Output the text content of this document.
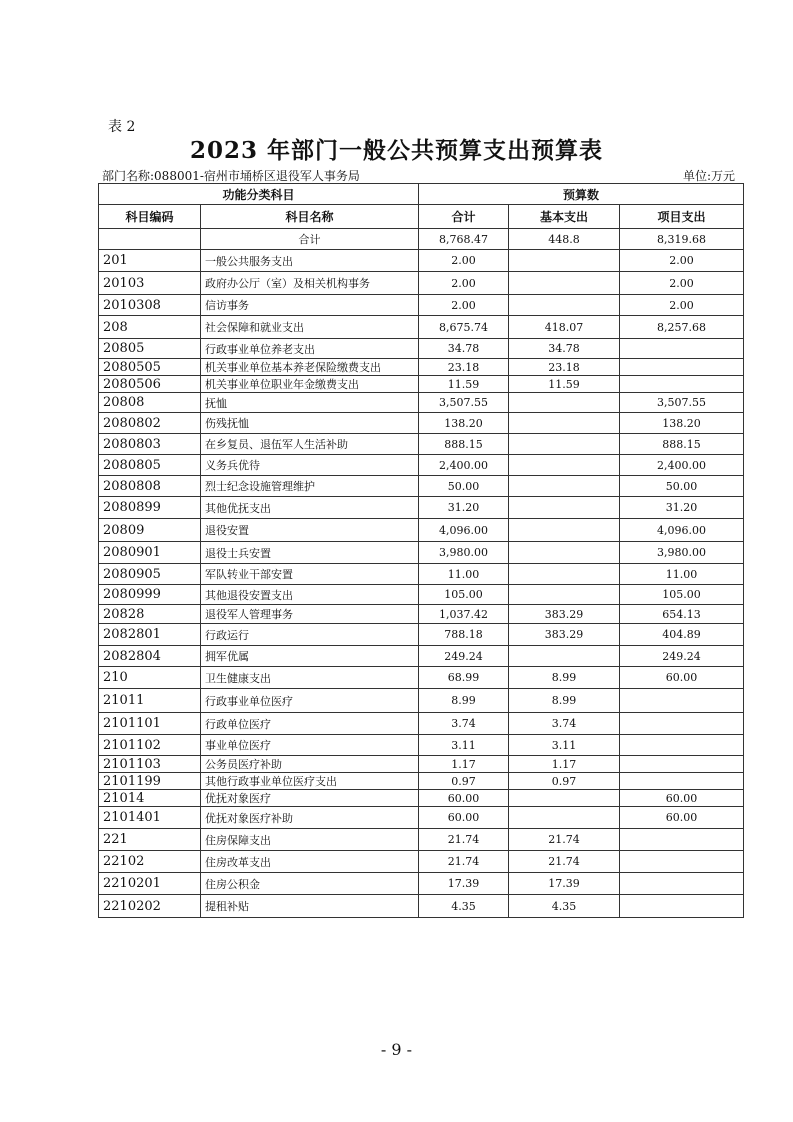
表 2
2023 年部门一般公共预算支出预算表
部门名称:088001-宿州市埇桥区退役军人事务局	单位:万元
功能分类科目		预算数		
科目编码	科目名称	合计	基本支出	项目支出
	合计	8,768.47	448.8	8,319.68
201	一般公共服务支出	2.00		2.00
20103	政府办公厅（室）及相关机构事务	2.00		2.00
2010308	信访事务	2.00		2.00
208	社会保障和就业支出	8,675.74	418.07	8,257.68
20805	行政事业单位养老支出	34.78	34.78	
2080505	机关事业单位基本养老保险缴费支出	23.18	23.18	
2080506	机关事业单位职业年金缴费支出	11.59	11.59	
20808	抚恤	3,507.55		3,507.55
2080802	伤残抚恤	138.20		138.20
2080803	在乡复员、退伍军人生活补助	888.15		888.15
2080805	义务兵优待	2,400.00		2,400.00
2080808	烈士纪念设施管理维护	50.00		50.00
2080899	其他优抚支出	31.20		31.20
20809	退役安置	4,096.00		4,096.00
2080901	退役士兵安置	3,980.00		3,980.00
2080905	军队转业干部安置	11.00		11.00
2080999	其他退役安置支出	105.00		105.00
20828	退役军人管理事务	1,037.42	383.29	654.13
2082801	行政运行	788.18	383.29	404.89
2082804	拥军优属	249.24		249.24
210	卫生健康支出	68.99	8.99	60.00
21011	行政事业单位医疗	8.99	8.99	
2101101	行政单位医疗	3.74	3.74	
2101102	事业单位医疗	3.11	3.11	
2101103	公务员医疗补助	1.17	1.17	
2101199	其他行政事业单位医疗支出	0.97	0.97	
21014	优抚对象医疗	60.00		60.00
2101401	优抚对象医疗补助	60.00		60.00
221	住房保障支出	21.74	21.74	
22102	住房改革支出	21.74	21.74	
2210201	住房公积金	17.39	17.39	
2210202	提租补贴	4.35	4.35	
- 9 -
